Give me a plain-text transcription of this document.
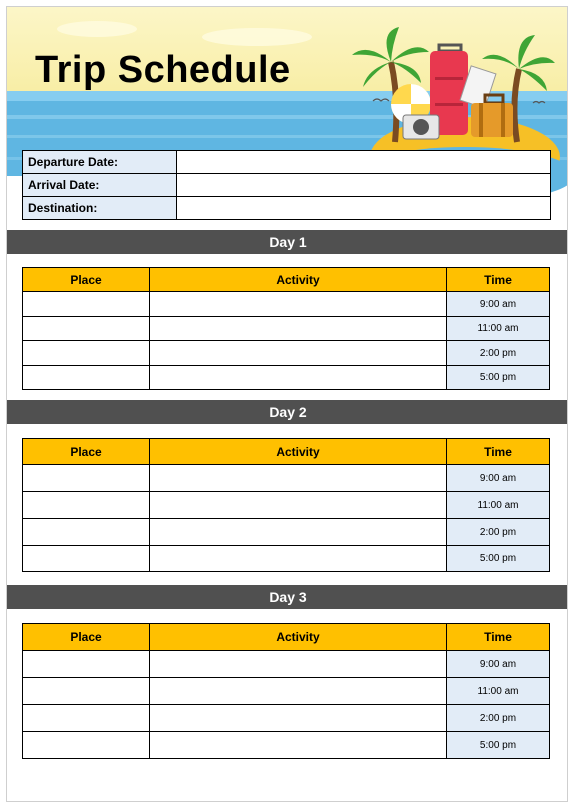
Trip Schedule
Departure Date:	
Arrival Date:	
Destination:	
Day 1
Place	Activity	Time
		9:00 am
		11:00 am
		2:00 pm
		5:00 pm
Day 2
Place	Activity	Time
		9:00 am
		11:00 am
		2:00 pm
		5:00 pm
Day 3
Place	Activity	Time
		9:00 am
		11:00 am
		2:00 pm
		5:00 pm
